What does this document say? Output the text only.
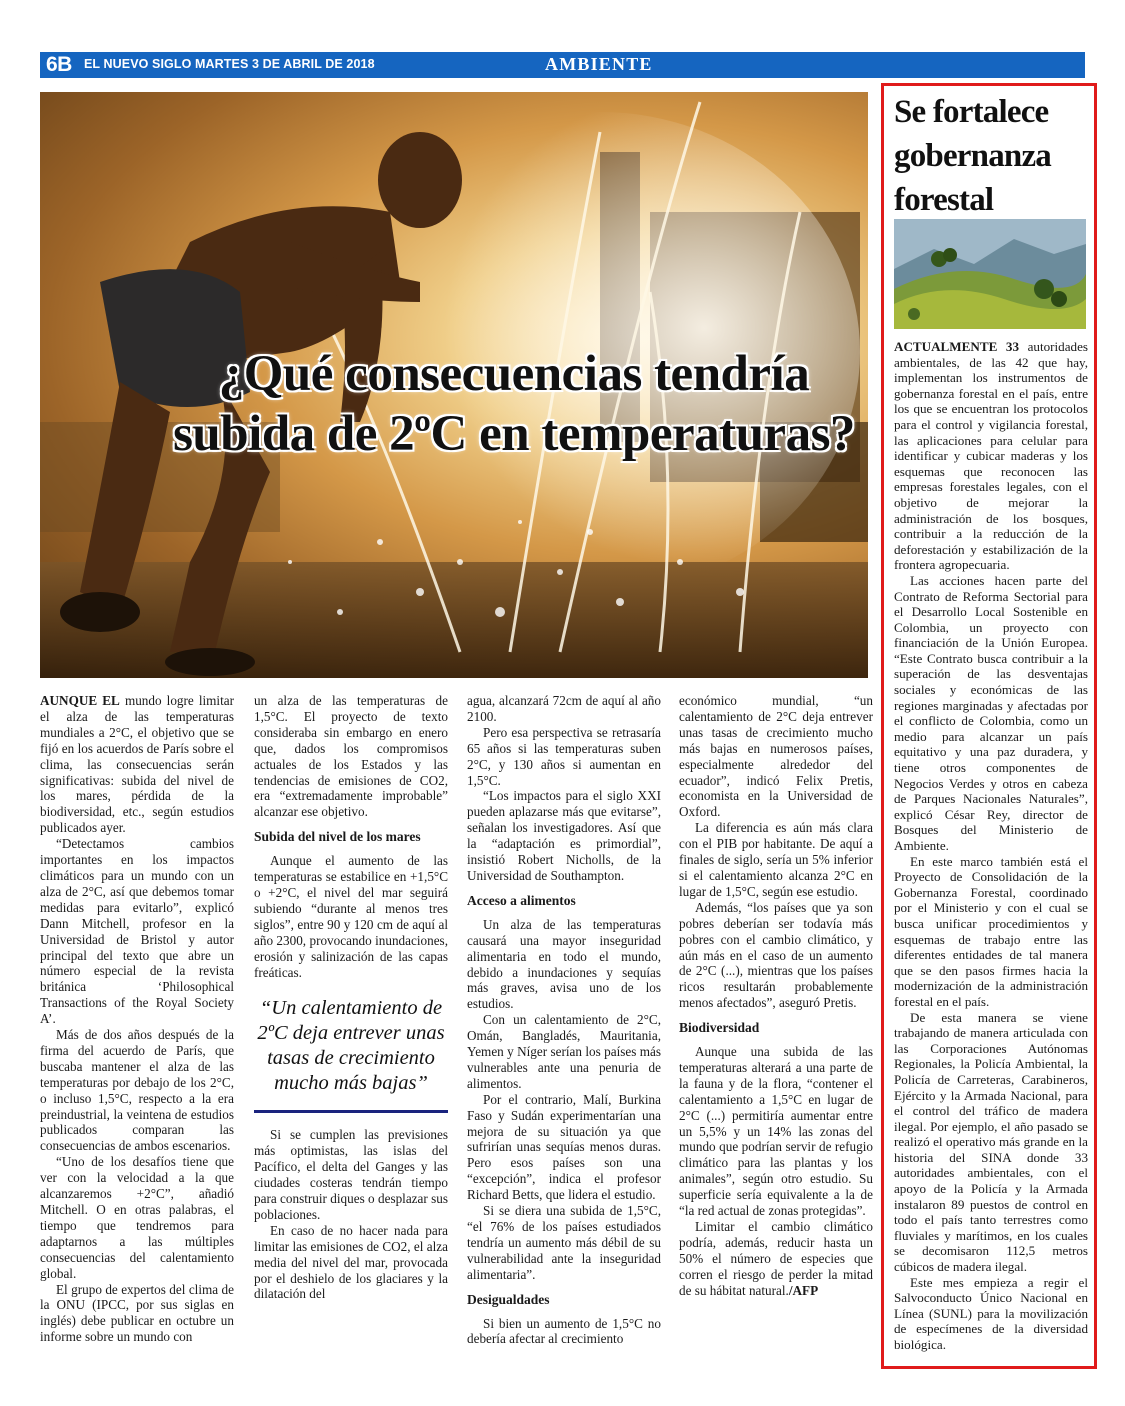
6B EL NUEVO SIGLO MARTES 3 DE ABRIL DE 2018	AMBIENTE
¿Qué consecuencias tendría subida de 2ºC en temperaturas?

AUNQUE EL mundo logre limitar el alza de las temperaturas mundiales a 2°C, el objetivo que se fijó en los acuerdos de París sobre el clima, las consecuencias serán significativas: subida del nivel de los mares, pérdida de la biodiversidad, etc., según estudios publicados ayer.

“Detectamos cambios importantes en los impactos climáticos para un mundo con un alza de 2°C, así que debemos tomar medidas para evitarlo”, explicó Dann Mitchell, profesor en la Universidad de Bristol y autor principal del texto que abre un número especial de la revista británica ‘Philosophical Transactions of the Royal Society A’.

Más de dos años después de la firma del acuerdo de París, que buscaba mantener el alza de las temperaturas por debajo de los 2°C, o incluso 1,5°C, respecto a la era preindustrial, la veintena de estudios publicados comparan las consecuencias de ambos escenarios.

“Uno de los desafíos tiene que ver con la velocidad a la que alcanzaremos +2°C”, añadió Mitchell. O en otras palabras, el tiempo que tendremos para adaptarnos a las múltiples consecuencias del calentamiento global.

El grupo de expertos del clima de la ONU (IPCC, por sus siglas en inglés) debe publicar en octubre un informe sobre un mundo con

un alza de las temperaturas de 1,5°C. El proyecto de texto consideraba sin embargo en enero que, dados los compromisos actuales de los Estados y las tendencias de emisiones de CO2, era “extremadamente improbable” alcanzar ese objetivo.

Subida del nivel de los mares

Aunque el aumento de las temperaturas se estabilice en +1,5°C o +2°C, el nivel del mar seguirá subiendo “durante al menos tres siglos”, entre 90 y 120 cm de aquí al año 2300, provocando inundaciones, erosión y salinización de las capas freáticas.

“Un calentamiento de 2ºC deja entrever unas tasas de crecimiento mucho más bajas”

Si se cumplen las previsiones más optimistas, las islas del Pacífico, el delta del Ganges y las ciudades costeras tendrán tiempo para construir diques o desplazar sus poblaciones.

En caso de no hacer nada para limitar las emisiones de CO2, el alza media del nivel del mar, provocada por el deshielo de los glaciares y la dilatación del

agua, alcanzará 72cm de aquí al año 2100.

Pero esa perspectiva se retrasaría 65 años si las temperaturas suben 2°C, y 130 años si aumentan en 1,5°C.

“Los impactos para el siglo XXI pueden aplazarse más que evitarse”, señalan los investigadores. Así que la “adaptación es primordial”, insistió Robert Nicholls, de la Universidad de Southampton.

Acceso a alimentos

Un alza de las temperaturas causará una mayor inseguridad alimentaria en todo el mundo, debido a inundaciones y sequías más graves, avisa uno de los estudios.

Con un calentamiento de 2°C, Omán, Bangladés, Mauritania, Yemen y Níger serían los países más vulnerables ante una penuria de alimentos.

Por el contrario, Malí, Burkina Faso y Sudán experimentarían una mejora de su situación ya que sufrirían unas sequías menos duras. Pero esos países son una “excepción”, indica el profesor Richard Betts, que lidera el estudio.

Si se diera una subida de 1,5°C, “el 76% de los países estudiados tendría un aumento más débil de su vulnerabilidad ante la inseguridad alimentaria”.

Desigualdades

Si bien un aumento de 1,5°C no debería afectar al crecimiento

económico mundial, “un calentamiento de 2°C deja entrever unas tasas de crecimiento mucho más bajas en numerosos países, especialmente alrededor del ecuador”, indicó Felix Pretis, economista en la Universidad de Oxford.

La diferencia es aún más clara con el PIB por habitante. De aquí a finales de siglo, sería un 5% inferior si el calentamiento alcanza 2°C en lugar de 1,5°C, según ese estudio.

Además, “los países que ya son pobres deberían ser todavía más pobres con el cambio climático, y aún más en el caso de un aumento de 2°C (...), mientras que los países ricos resultarán probablemente menos afectados”, aseguró Pretis.

Biodiversidad

Aunque una subida de las temperaturas alterará a una parte de la fauna y de la flora, “contener el calentamiento a 1,5°C en lugar de 2°C (...) permitiría aumentar entre un 5,5% y un 14% las zonas del mundo que podrían servir de refugio climático para las plantas y los animales”, según otro estudio. Su superficie sería equivalente a la de “la red actual de zonas protegidas”.

Limitar el cambio climático podría, además, reducir hasta un 50% el número de especies que corren el riesgo de perder la mitad de su hábitat natural./AFP

Se fortalece gobernanza forestal

ACTUALMENTE 33 autoridades ambientales, de las 42 que hay, implementan los instrumentos de gobernanza forestal en el país, entre los que se encuentran los protocolos para el control y vigilancia forestal, las aplicaciones para celular para identificar y cubicar maderas y los esquemas que reconocen las empresas forestales legales, con el objetivo de mejorar la administración de los bosques, contribuir a la reducción de la deforestación y estabilización de la frontera agropecuaria.

Las acciones hacen parte del Contrato de Reforma Sectorial para el Desarrollo Local Sostenible en Colombia, un proyecto con financiación de la Unión Europea. “Este Contrato busca contribuir a la superación de las desventajas sociales y económicas de las regiones marginadas y afectadas por el conflicto de Colombia, como un medio para alcanzar un país equitativo y una paz duradera, y tiene otros componentes de Negocios Verdes y otros en cabeza de Parques Nacionales Naturales”, explicó César Rey, director de Bosques del Ministerio de Ambiente.

En este marco también está el Proyecto de Consolidación de la Gobernanza Forestal, coordinado por el Ministerio y con el cual se busca unificar procedimientos y esquemas de trabajo entre las diferentes entidades de tal manera que se den pasos firmes hacia la modernización de la administración forestal en el país.

De esta manera se viene trabajando de manera articulada con las Corporaciones Autónomas Regionales, la Policía Ambiental, la Policía de Carreteras, Carabineros, Ejército y la Armada Nacional, para el control del tráfico de madera ilegal. Por ejemplo, el año pasado se realizó el operativo más grande en la historia del SINA donde 33 autoridades ambientales, con el apoyo de la Policía y la Armada instalaron 89 puestos de control en todo el país tanto terrestres como fluviales y marítimos, en los cuales se decomisaron 112,5 metros cúbicos de madera ilegal.

Este mes empieza a regir el Salvoconducto Único Nacional en Línea (SUNL) para la movilización de especímenes de la diversidad biológica.
